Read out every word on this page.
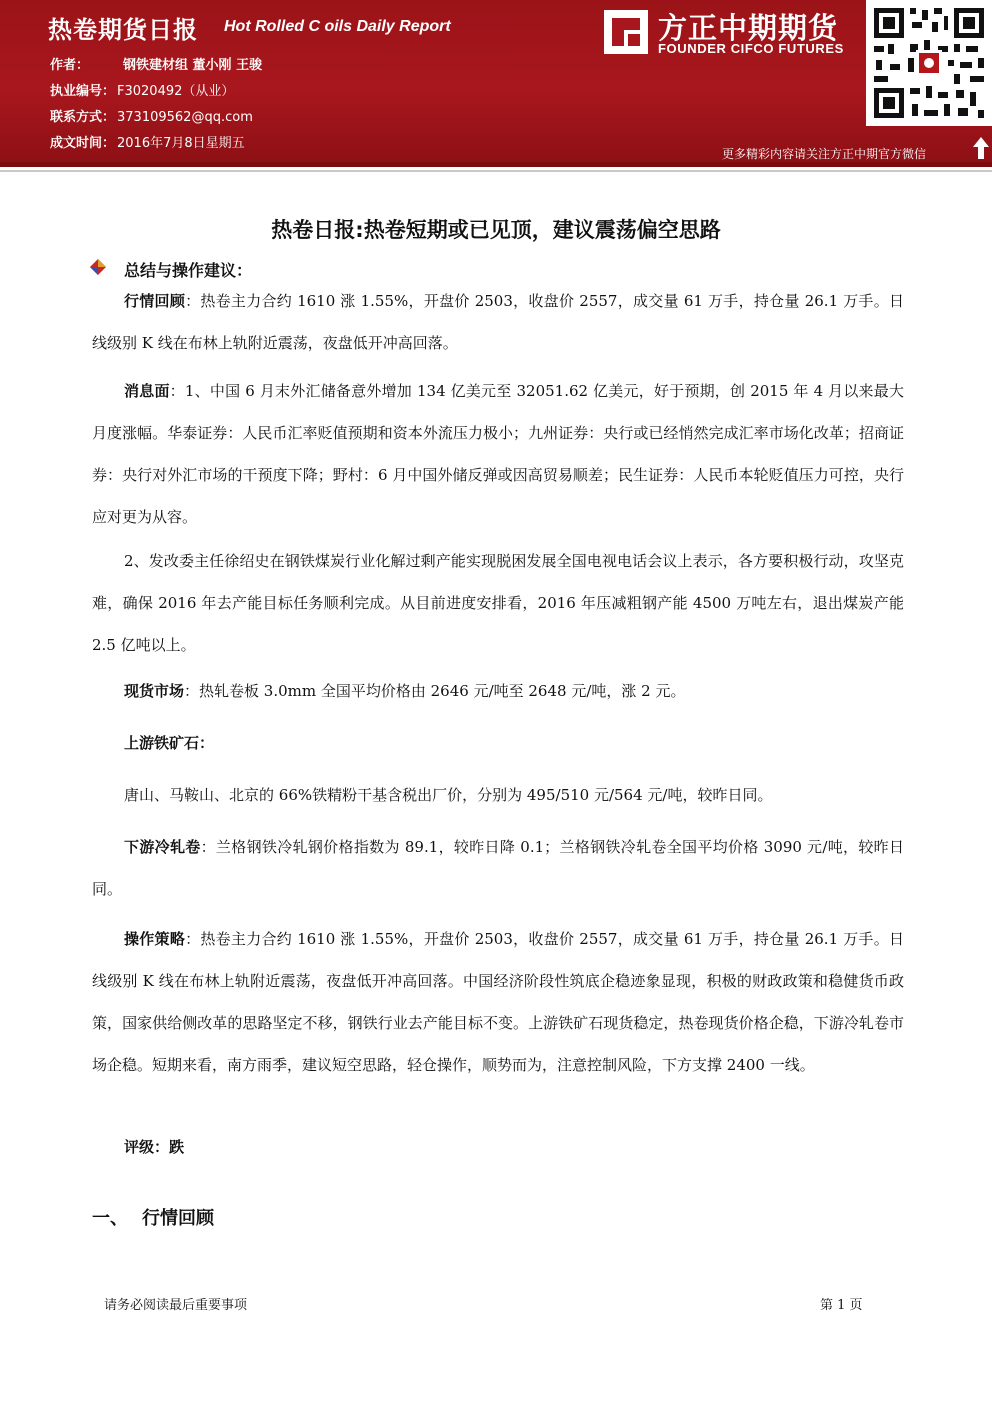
热卷期货日报 Hot Rolled C oils Daily Report
作者：	钢铁建材组 董小刚 王骏
执业编号： F3020492（从业）
联系方式： 373109562@qq.com
成文时间： 2016年7月8日星期五
方正中期期货
FOUNDER CIFCO FUTURES
更多精彩内容请关注方正中期官方微信
热卷日报:热卷短期或已见顶，建议震荡偏空思路
总结与操作建议：
行情回顾：热卷主力合约 1610 涨 1.55%，开盘价 2503，收盘价 2557，成交量 61 万手，持仓量 26.1 万手。日线级别 K 线在布林上轨附近震荡，夜盘低开冲高回落。
消息面：1、中国 6 月末外汇储备意外增加 134 亿美元至 32051.62 亿美元，好于预期，创 2015 年 4 月以来最大月度涨幅。华泰证券：人民币汇率贬值预期和资本外流压力极小；九州证券：央行或已经悄然完成汇率市场化改革；招商证券：央行对外汇市场的干预度下降；野村：6 月中国外储反弹或因高贸易顺差；民生证券：人民币本轮贬值压力可控，央行应对更为从容。
2、发改委主任徐绍史在钢铁煤炭行业化解过剩产能实现脱困发展全国电视电话会议上表示，各方要积极行动，攻坚克难，确保 2016 年去产能目标任务顺利完成。从目前进度安排看，2016 年压减粗钢产能 4500 万吨左右，退出煤炭产能 2.5 亿吨以上。
现货市场：热轧卷板 3.0mm 全国平均价格由 2646 元/吨至 2648 元/吨，涨 2 元。
上游铁矿石：
唐山、马鞍山、北京的 66%铁精粉干基含税出厂价，分别为 495/510 元/564 元/吨，较昨日同。
下游冷轧卷：兰格钢铁冷轧钢价格指数为 89.1，较昨日降 0.1；兰格钢铁冷轧卷全国平均价格 3090 元/吨，较昨日同。
操作策略：热卷主力合约 1610 涨 1.55%，开盘价 2503，收盘价 2557，成交量 61 万手，持仓量 26.1 万手。日线级别 K 线在布林上轨附近震荡，夜盘低开冲高回落。中国经济阶段性筑底企稳迹象显现，积极的财政政策和稳健货币政策，国家供给侧改革的思路坚定不移，钢铁行业去产能目标不变。上游铁矿石现货稳定，热卷现货价格企稳，下游冷轧卷市场企稳。短期来看，南方雨季，建议短空思路，轻仓操作，顺势而为，注意控制风险，下方支撑 2400 一线。
评级：跌
一、 行情回顾
请务必阅读最后重要事项	第 1 页
